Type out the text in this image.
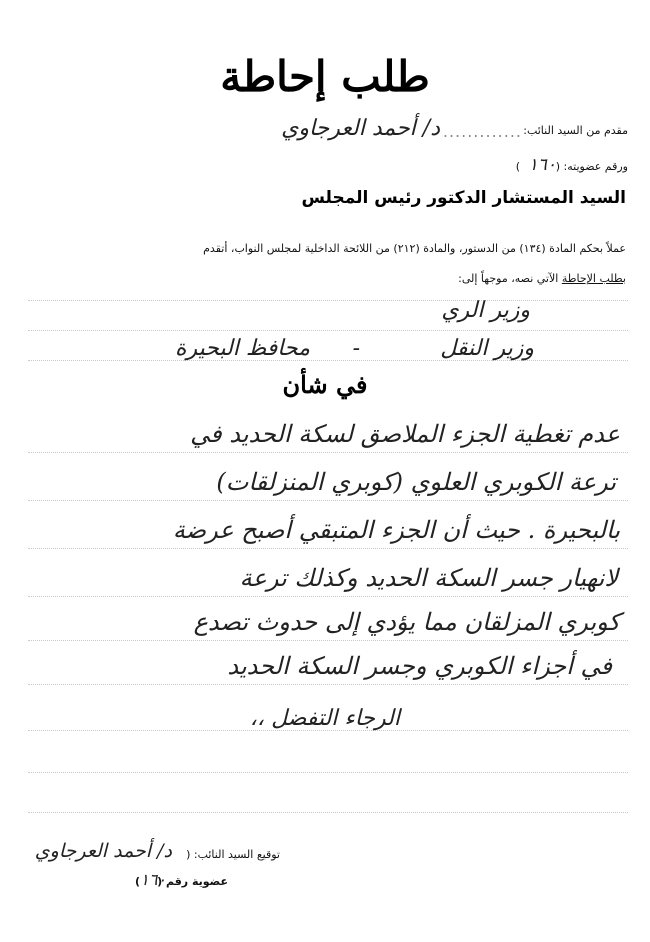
طلب إحاطة
مقدم من السيد النائب:
.............
د/ أحمد العرجاوي
ورقم عضويته: (
١٦٠
)
السيد المستشار الدكتور رئيس المجلس
عملاً بحكم المادة (١٣٤) من الدستور، والمادة (٢١٢) من اللائحة الداخلية لمجلس النواب، أتقدم
بطلب الإحاطة الآتي نصه، موجهاً إلى:
وزير الري
وزير النقل
-
محافظ البحيرة
في شأن
عدم تغطية الجزء الملاصق لسكة الحديد في
ترعة الكوبري العلوي (كوبري المنزلقات)
بالبحيرة . حيث أن الجزء المتبقي أصبح عرضة
لانهيار جسر السكة الحديد وكذلك ترعة
كوبري المزلقان مما يؤدي إلى حدوث تصدع
في أجزاء الكوبري وجسر السكة الحديد
الرجاء التفضل ،،
توقيع السيد النائب: (
د/ أحمد العرجاوي
عضوية رقم (
١٦٠
)
